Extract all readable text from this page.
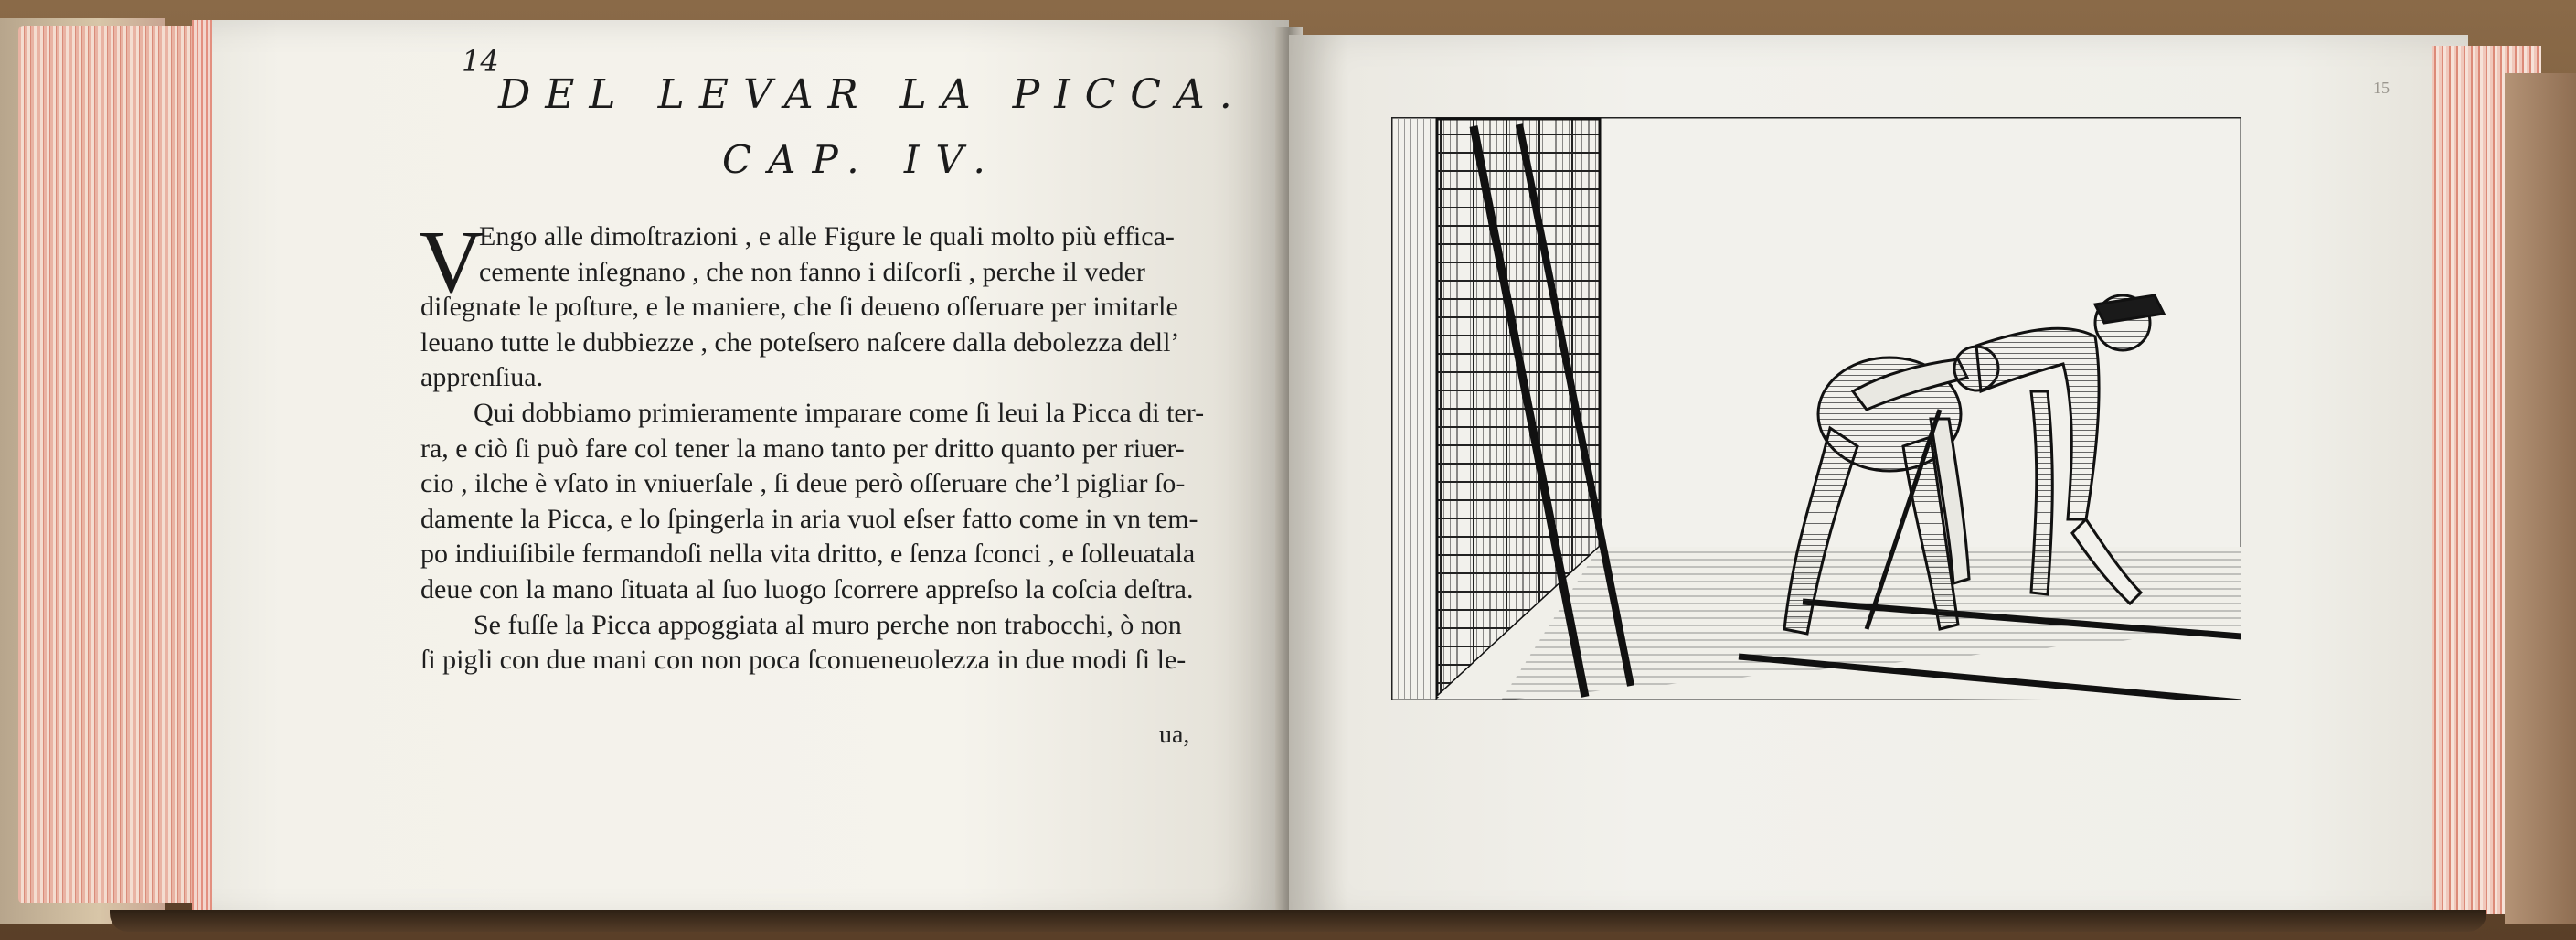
14
DEL LEVAR LA PICCA.
CAP. IV.
V
Engo alle dimoſtrazioni , e alle Figure le quali molto più effica-
cemente inſegnano , che non fanno i diſcorſi , perche il veder
diſegnate le poſture, e le maniere, che ſi deueno oſſeruare per imitarle
leuano tutte le dubbiezze , che poteſsero naſcere dalla debolezza dell’
apprenſiua.
Qui dobbiamo primieramente imparare come ſi leui la Picca di ter-
ra, e ciò ſi può fare col tener la mano tanto per dritto quanto per riuer-
cio , ilche è vſato in vniuerſale , ſi deue però oſſeruare che’l pigliar ſo-
damente la Picca, e lo ſpingerla in aria vuol eſser fatto come in vn tem-
po indiuiſibile fermandoſi nella vita dritto, e ſenza ſconci , e ſolleuatala
deue con la mano ſituata al ſuo luogo ſcorrere appreſso la coſcia deſtra.
Se fuſſe la Picca appoggiata al muro perche non trabocchi, ò non
ſi pigli con due mani con non poca ſconueneuolezza in due modi ſi le-
ua,
15
